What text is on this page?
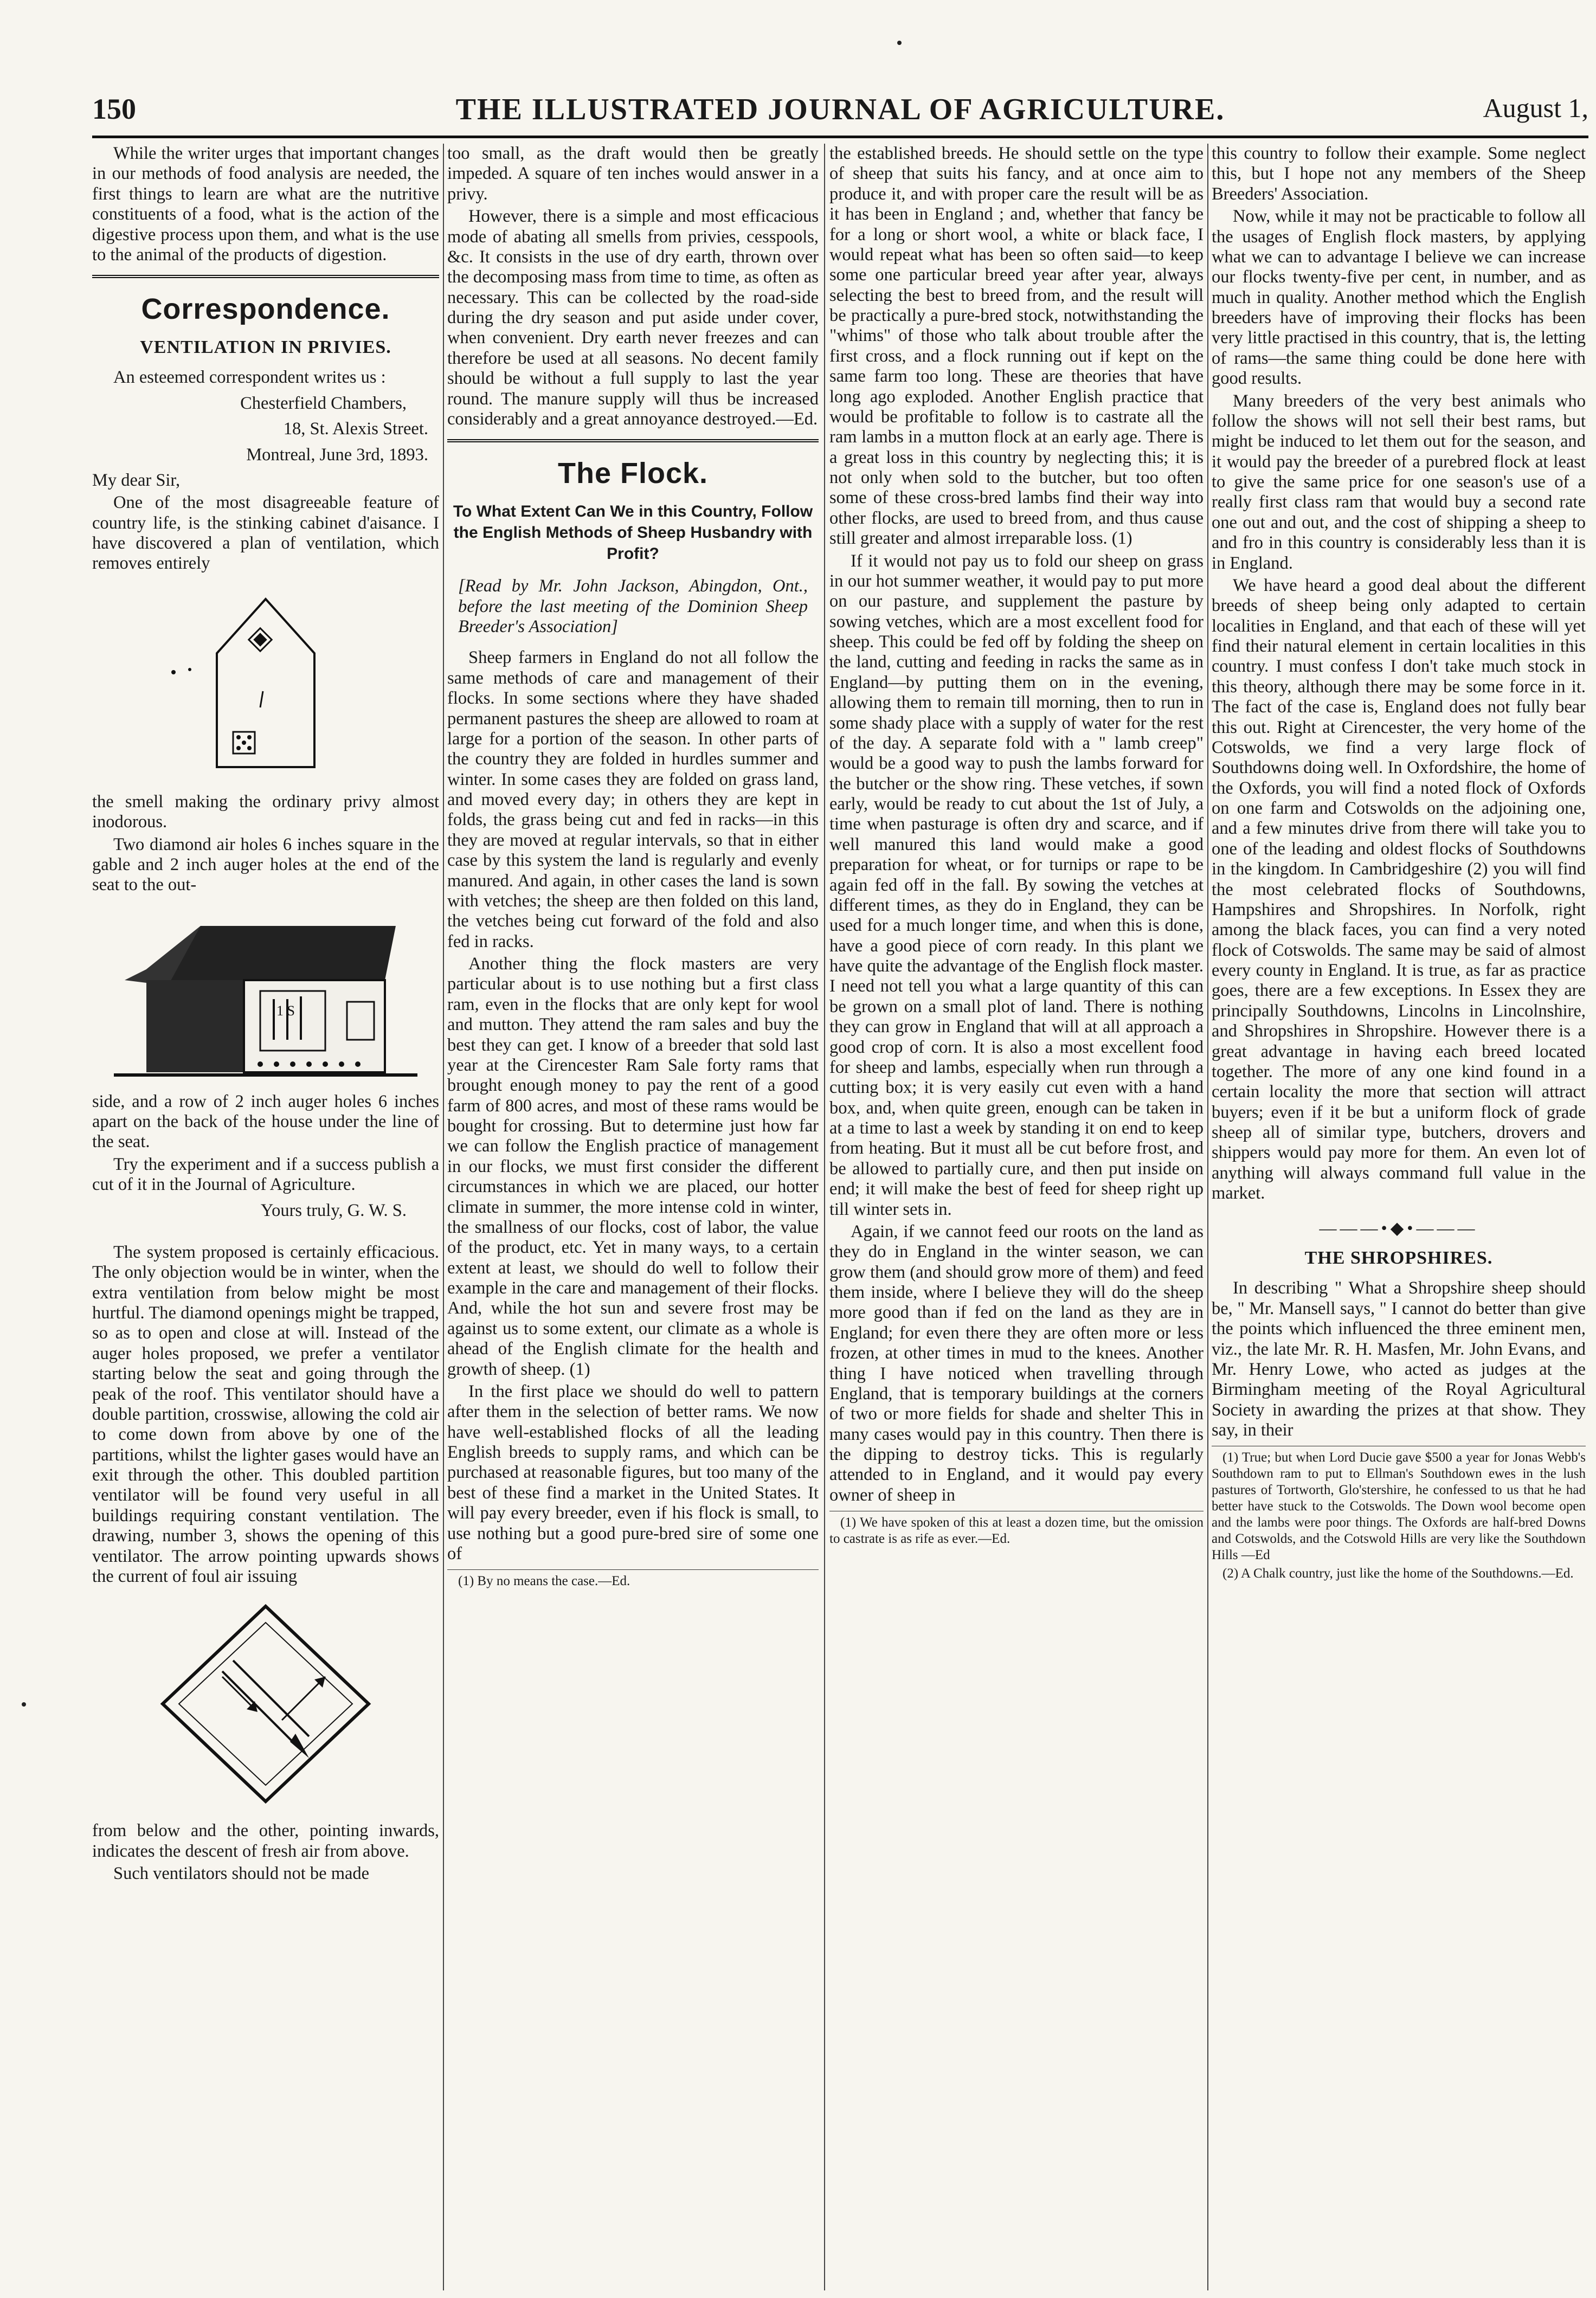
150	THE ILLUSTRATED JOURNAL OF AGRICULTURE.	August 1,

While the writer urges that important changes in our methods of food analysis are needed, the first things to learn are what are the nutritive constituents of a food, what is the action of the digestive process upon them, and what is the use to the animal of the products of digestion.

Correspondence.
VENTILATION IN PRIVIES.

An esteemed correspondent writes us :

Chesterfield Chambers,
18, St. Alexis Street.
Montreal, June 3rd, 1893.

My dear Sir,

One of the most disagreeable feature of country life, is the stinking cabinet d'aisance. I have discovered a plan of ventilation, which removes entirely

the smell making the ordinary privy almost inodorous.

Two diamond air holes 6 inches square in the gable and 2 inch auger holes at the end of the seat to the out-

1 S

side, and a row of 2 inch auger holes 6 inches apart on the back of the house under the line of the seat.

Try the experiment and if a success publish a cut of it in the Journal of Agriculture.

Yours truly, G. W. S.

The system proposed is certainly efficacious. The only objection would be in winter, when the extra ventilation from below might be most hurtful. The diamond openings might be trapped, so as to open and close at will. Instead of the auger holes proposed, we prefer a ventilator starting below the seat and going through the peak of the roof. This ventilator should have a double partition, crosswise, allowing the cold air to come down from above by one of the partitions, whilst the lighter gases would have an exit through the other. This doubled partition ventilator will be found very useful in all buildings requiring constant ventilation. The drawing, number 3, shows the opening of this ventilator. The arrow pointing upwards shows the current of foul air issuing

from below and the other, pointing inwards, indicates the descent of fresh air from above.

Such ventilators should not be made

too small, as the draft would then be greatly impeded. A square of ten inches would answer in a privy.

However, there is a simple and most efficacious mode of abating all smells from privies, cesspools, &c. It consists in the use of dry earth, thrown over the decomposing mass from time to time, as often as necessary. This can be collected by the road-side during the dry season and put aside under cover, when convenient. Dry earth never freezes and can therefore be used at all seasons. No decent family should be without a full supply to last the year round. The manure supply will thus be increased considerably and a great annoyance destroyed.—Ed.

The Flock.
To What Extent Can We in this Country, Follow the English Methods of Sheep Husbandry with Profit?

[Read by Mr. John Jackson, Abingdon, Ont., before the last meeting of the Dominion Sheep Breeder's Association]

Sheep farmers in England do not all follow the same methods of care and management of their flocks. In some sections where they have shaded permanent pastures the sheep are allowed to roam at large for a portion of the season. In other parts of the country they are folded in hurdles summer and winter. In some cases they are folded on grass land, and moved every day; in others they are kept in folds, the grass being cut and fed in racks—in this they are moved at regular intervals, so that in either case by this system the land is regularly and evenly manured. And again, in other cases the land is sown with vetches; the sheep are then folded on this land, the vetches being cut forward of the fold and also fed in racks.

Another thing the flock masters are very particular about is to use nothing but a first class ram, even in the flocks that are only kept for wool and mutton. They attend the ram sales and buy the best they can get. I know of a breeder that sold last year at the Cirencester Ram Sale forty rams that brought enough money to pay the rent of a good farm of 800 acres, and most of these rams would be bought for crossing. But to determine just how far we can follow the English practice of management in our flocks, we must first consider the different circumstances in which we are placed, our hotter climate in summer, the more intense cold in winter, the smallness of our flocks, cost of labor, the value of the product, etc. Yet in many ways, to a certain extent at least, we should do well to follow their example in the care and management of their flocks. And, while the hot sun and severe frost may be against us to some extent, our climate as a whole is ahead of the English climate for the health and growth of sheep. (1)

In the first place we should do well to pattern after them in the selection of better rams. We now have well-established flocks of all the leading English breeds to supply rams, and which can be purchased at reasonable figures, but too many of the best of these find a market in the United States. It will pay every breeder, even if his flock is small, to use nothing but a good pure-bred sire of some one of

(1) By no means the case.—Ed.

the established breeds. He should settle on the type of sheep that suits his fancy, and at once aim to produce it, and with proper care the result will be as it has been in England ; and, whether that fancy be for a long or short wool, a white or black face, I would repeat what has been so often said—to keep some one particular breed year after year, always selecting the best to breed from, and the result will be practically a pure-bred stock, notwithstanding the "whims" of those who talk about trouble after the first cross, and a flock running out if kept on the same farm too long. These are theories that have long ago exploded. Another English practice that would be profitable to follow is to castrate all the ram lambs in a mutton flock at an early age. There is a great loss in this country by neglecting this; it is not only when sold to the butcher, but too often some of these cross-bred lambs find their way into other flocks, are used to breed from, and thus cause still greater and almost irreparable loss. (1)

If it would not pay us to fold our sheep on grass in our hot summer weather, it would pay to put more on our pasture, and supplement the pasture by sowing vetches, which are a most excellent food for sheep. This could be fed off by folding the sheep on the land, cutting and feeding in racks the same as in England—by putting them on in the evening, allowing them to remain till morning, then to run in some shady place with a supply of water for the rest of the day. A separate fold with a " lamb creep" would be a good way to push the lambs forward for the butcher or the show ring. These vetches, if sown early, would be ready to cut about the 1st of July, a time when pasturage is often dry and scarce, and if well manured this land would make a good preparation for wheat, or for turnips or rape to be again fed off in the fall. By sowing the vetches at different times, as they do in England, they can be used for a much longer time, and when this is done, have a good piece of corn ready. In this plant we have quite the advantage of the English flock master. I need not tell you what a large quantity of this can be grown on a small plot of land. There is nothing they can grow in England that will at all approach a good crop of corn. It is also a most excellent food for sheep and lambs, especially when run through a cutting box; it is very easily cut even with a hand box, and, when quite green, enough can be taken in at a time to last a week by standing it on end to keep from heating. But it must all be cut before frost, and be allowed to partially cure, and then put inside on end; it will make the best of feed for sheep right up till winter sets in.

Again, if we cannot feed our roots on the land as they do in England in the winter season, we can grow them (and should grow more of them) and feed them inside, where I believe they will do the sheep more good than if fed on the land as they are in England; for even there they are often more or less frozen, at other times in mud to the knees. Another thing I have noticed when travelling through England, that is temporary buildings at the corners of two or more fields for shade and shelter This in many cases would pay in this country. Then there is the dipping to destroy ticks. This is regularly attended to in England, and it would pay every owner of sheep in

(1) We have spoken of this at least a dozen time, but the omission to castrate is as rife as ever.—Ed.

this country to follow their example. Some neglect this, but I hope not any members of the Sheep Breeders' Association.

Now, while it may not be practicable to follow all the usages of English flock masters, by applying what we can to advantage I believe we can increase our flocks twenty-five per cent, in number, and as much in quality. Another method which the English breeders have of improving their flocks has been very little practised in this country, that is, the letting of rams—the same thing could be done here with good results.

Many breeders of the very best animals who follow the shows will not sell their best rams, but might be induced to let them out for the season, and it would pay the breeder of a purebred flock at least to give the same price for one season's use of a really first class ram that would buy a second rate one out and out, and the cost of shipping a sheep to and fro in this country is considerably less than it is in England.

We have heard a good deal about the different breeds of sheep being only adapted to certain localities in England, and that each of these will yet find their natural element in certain localities in this country. I must confess I don't take much stock in this theory, although there may be some force in it. The fact of the case is, England does not fully bear this out. Right at Cirencester, the very home of the Cotswolds, we find a very large flock of Southdowns doing well. In Oxfordshire, the home of the Oxfords, you will find a noted flock of Oxfords on one farm and Cotswolds on the adjoining one, and a few minutes drive from there will take you to one of the leading and oldest flocks of Southdowns in the kingdom. In Cambridgeshire (2) you will find the most celebrated flocks of Southdowns, Hampshires and Shropshires. In Norfolk, right among the black faces, you can find a very noted flock of Cotswolds. The same may be said of almost every county in England. It is true, as far as practice goes, there are a few exceptions. In Essex they are principally Southdowns, Lincolns in Lincolnshire, and Shropshires in Shropshire. However there is a great advantage in having each breed located together. The more of any one kind found in a certain locality the more that section will attract buyers; even if it be but a uniform flock of grade sheep all of similar type, butchers, drovers and shippers would pay more for them. An even lot of anything will always command full value in the market.

———•◆•———
THE SHROPSHIRES.

In describing " What a Shropshire sheep should be, " Mr. Mansell says, " I cannot do better than give the points which influenced the three eminent men, viz., the late Mr. R. H. Masfen, Mr. John Evans, and Mr. Henry Lowe, who acted as judges at the Birmingham meeting of the Royal Agricultural Society in awarding the prizes at that show. They say, in their

(1) True; but when Lord Ducie gave $500 a year for Jonas Webb's Southdown ram to put to Ellman's Southdown ewes in the lush pastures of Tortworth, Glo'stershire, he confessed to us that he had better have stuck to the Cotswolds. The Down wool become open and the lambs were poor things. The Oxfords are half-bred Downs and Cotswolds, and the Cotswold Hills are very like the Southdown Hills —Ed

(2) A Chalk country, just like the home of the Southdowns.—Ed.
